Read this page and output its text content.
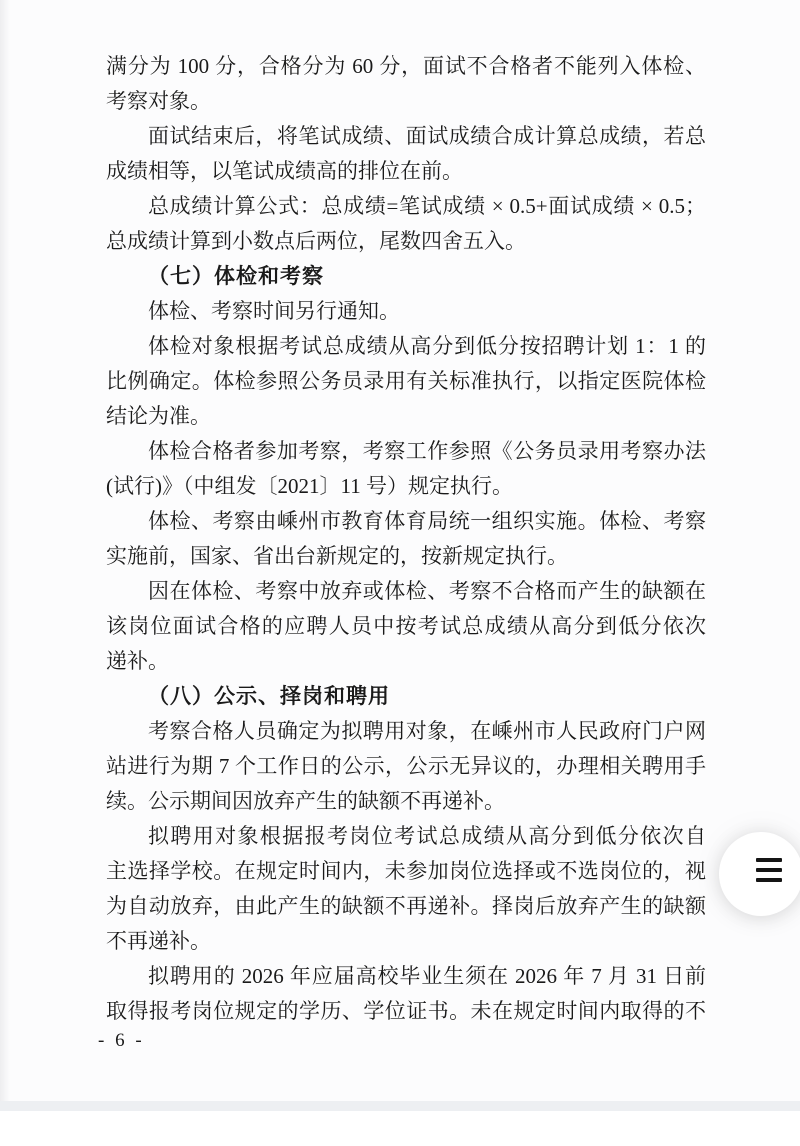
满分为 100 分，合格分为 60 分，面试不合格者不能列入体检、
考察对象。
面试结束后，将笔试成绩、面试成绩合成计算总成绩，若总
成绩相等，以笔试成绩高的排位在前。
总成绩计算公式：总成绩=笔试成绩 × 0.5+面试成绩 × 0.5；
总成绩计算到小数点后两位，尾数四舍五入。
（七）体检和考察
体检、考察时间另行通知。
体检对象根据考试总成绩从高分到低分按招聘计划 1：1 的
比例确定。体检参照公务员录用有关标准执行，以指定医院体检
结论为准。
体检合格者参加考察，考察工作参照《公务员录用考察办法
(试行)》（中组发〔2021〕11 号）规定执行。
体检、考察由嵊州市教育体育局统一组织实施。体检、考察
实施前，国家、省出台新规定的，按新规定执行。
因在体检、考察中放弃或体检、考察不合格而产生的缺额在
该岗位面试合格的应聘人员中按考试总成绩从高分到低分依次
递补。
（八）公示、择岗和聘用
考察合格人员确定为拟聘用对象，在嵊州市人民政府门户网
站进行为期 7 个工作日的公示，公示无异议的，办理相关聘用手
续。公示期间因放弃产生的缺额不再递补。
拟聘用对象根据报考岗位考试总成绩从高分到低分依次自
主选择学校。在规定时间内，未参加岗位选择或不选岗位的，视
为自动放弃，由此产生的缺额不再递补。择岗后放弃产生的缺额
不再递补。
拟聘用的 2026 年应届高校毕业生须在 2026 年 7 月 31 日前
取得报考岗位规定的学历、学位证书。未在规定时间内取得的不
- 6 -
